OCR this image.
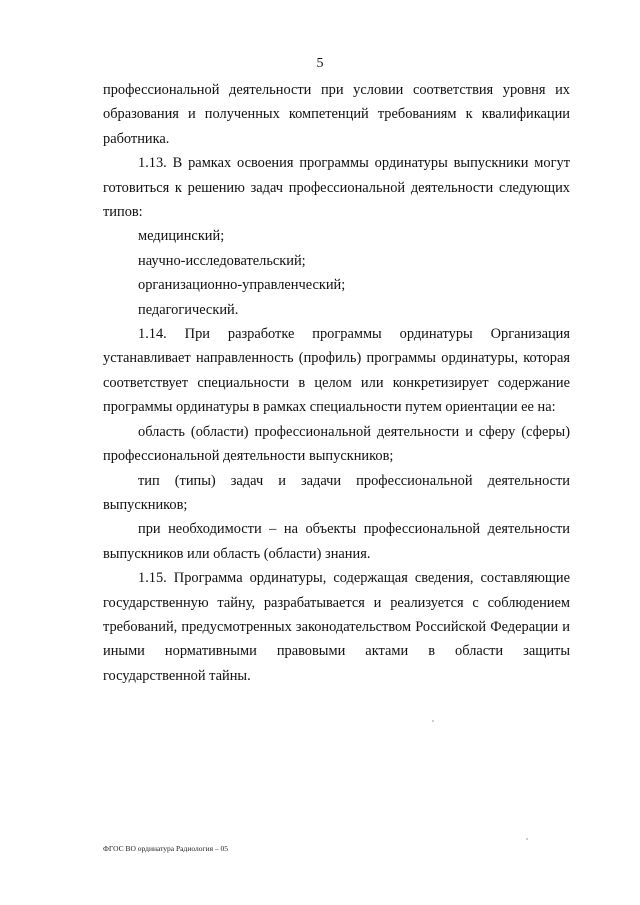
5

профессиональной деятельности при условии соответствия уровня их образования и полученных компетенций требованиям к квалификации работника.

1.13. В рамках освоения программы ординатуры выпускники могут готовиться к решению задач профессиональной деятельности следующих типов:

медицинский;

научно-исследовательский;

организационно-управленческий;

педагогический.

1.14. При разработке программы ординатуры Организация устанавливает направленность (профиль) программы ординатуры, которая соответствует специальности в целом или конкретизирует содержание программы ординатуры в рамках специальности путем ориентации ее на:

область (области) профессиональной деятельности и сферу (сферы) профессиональной деятельности выпускников;

тип (типы) задач и задачи профессиональной деятельности выпускников;

при необходимости – на объекты профессиональной деятельности выпускников или область (области) знания.

1.15. Программа ординатуры, содержащая сведения, составляющие государственную тайну, разрабатывается и реализуется с соблюдением требований, предусмотренных законодательством Российской Федерации и иными нормативными правовыми актами в области защиты государственной тайны.

ФГОС ВО ординатура Радиология – 05
